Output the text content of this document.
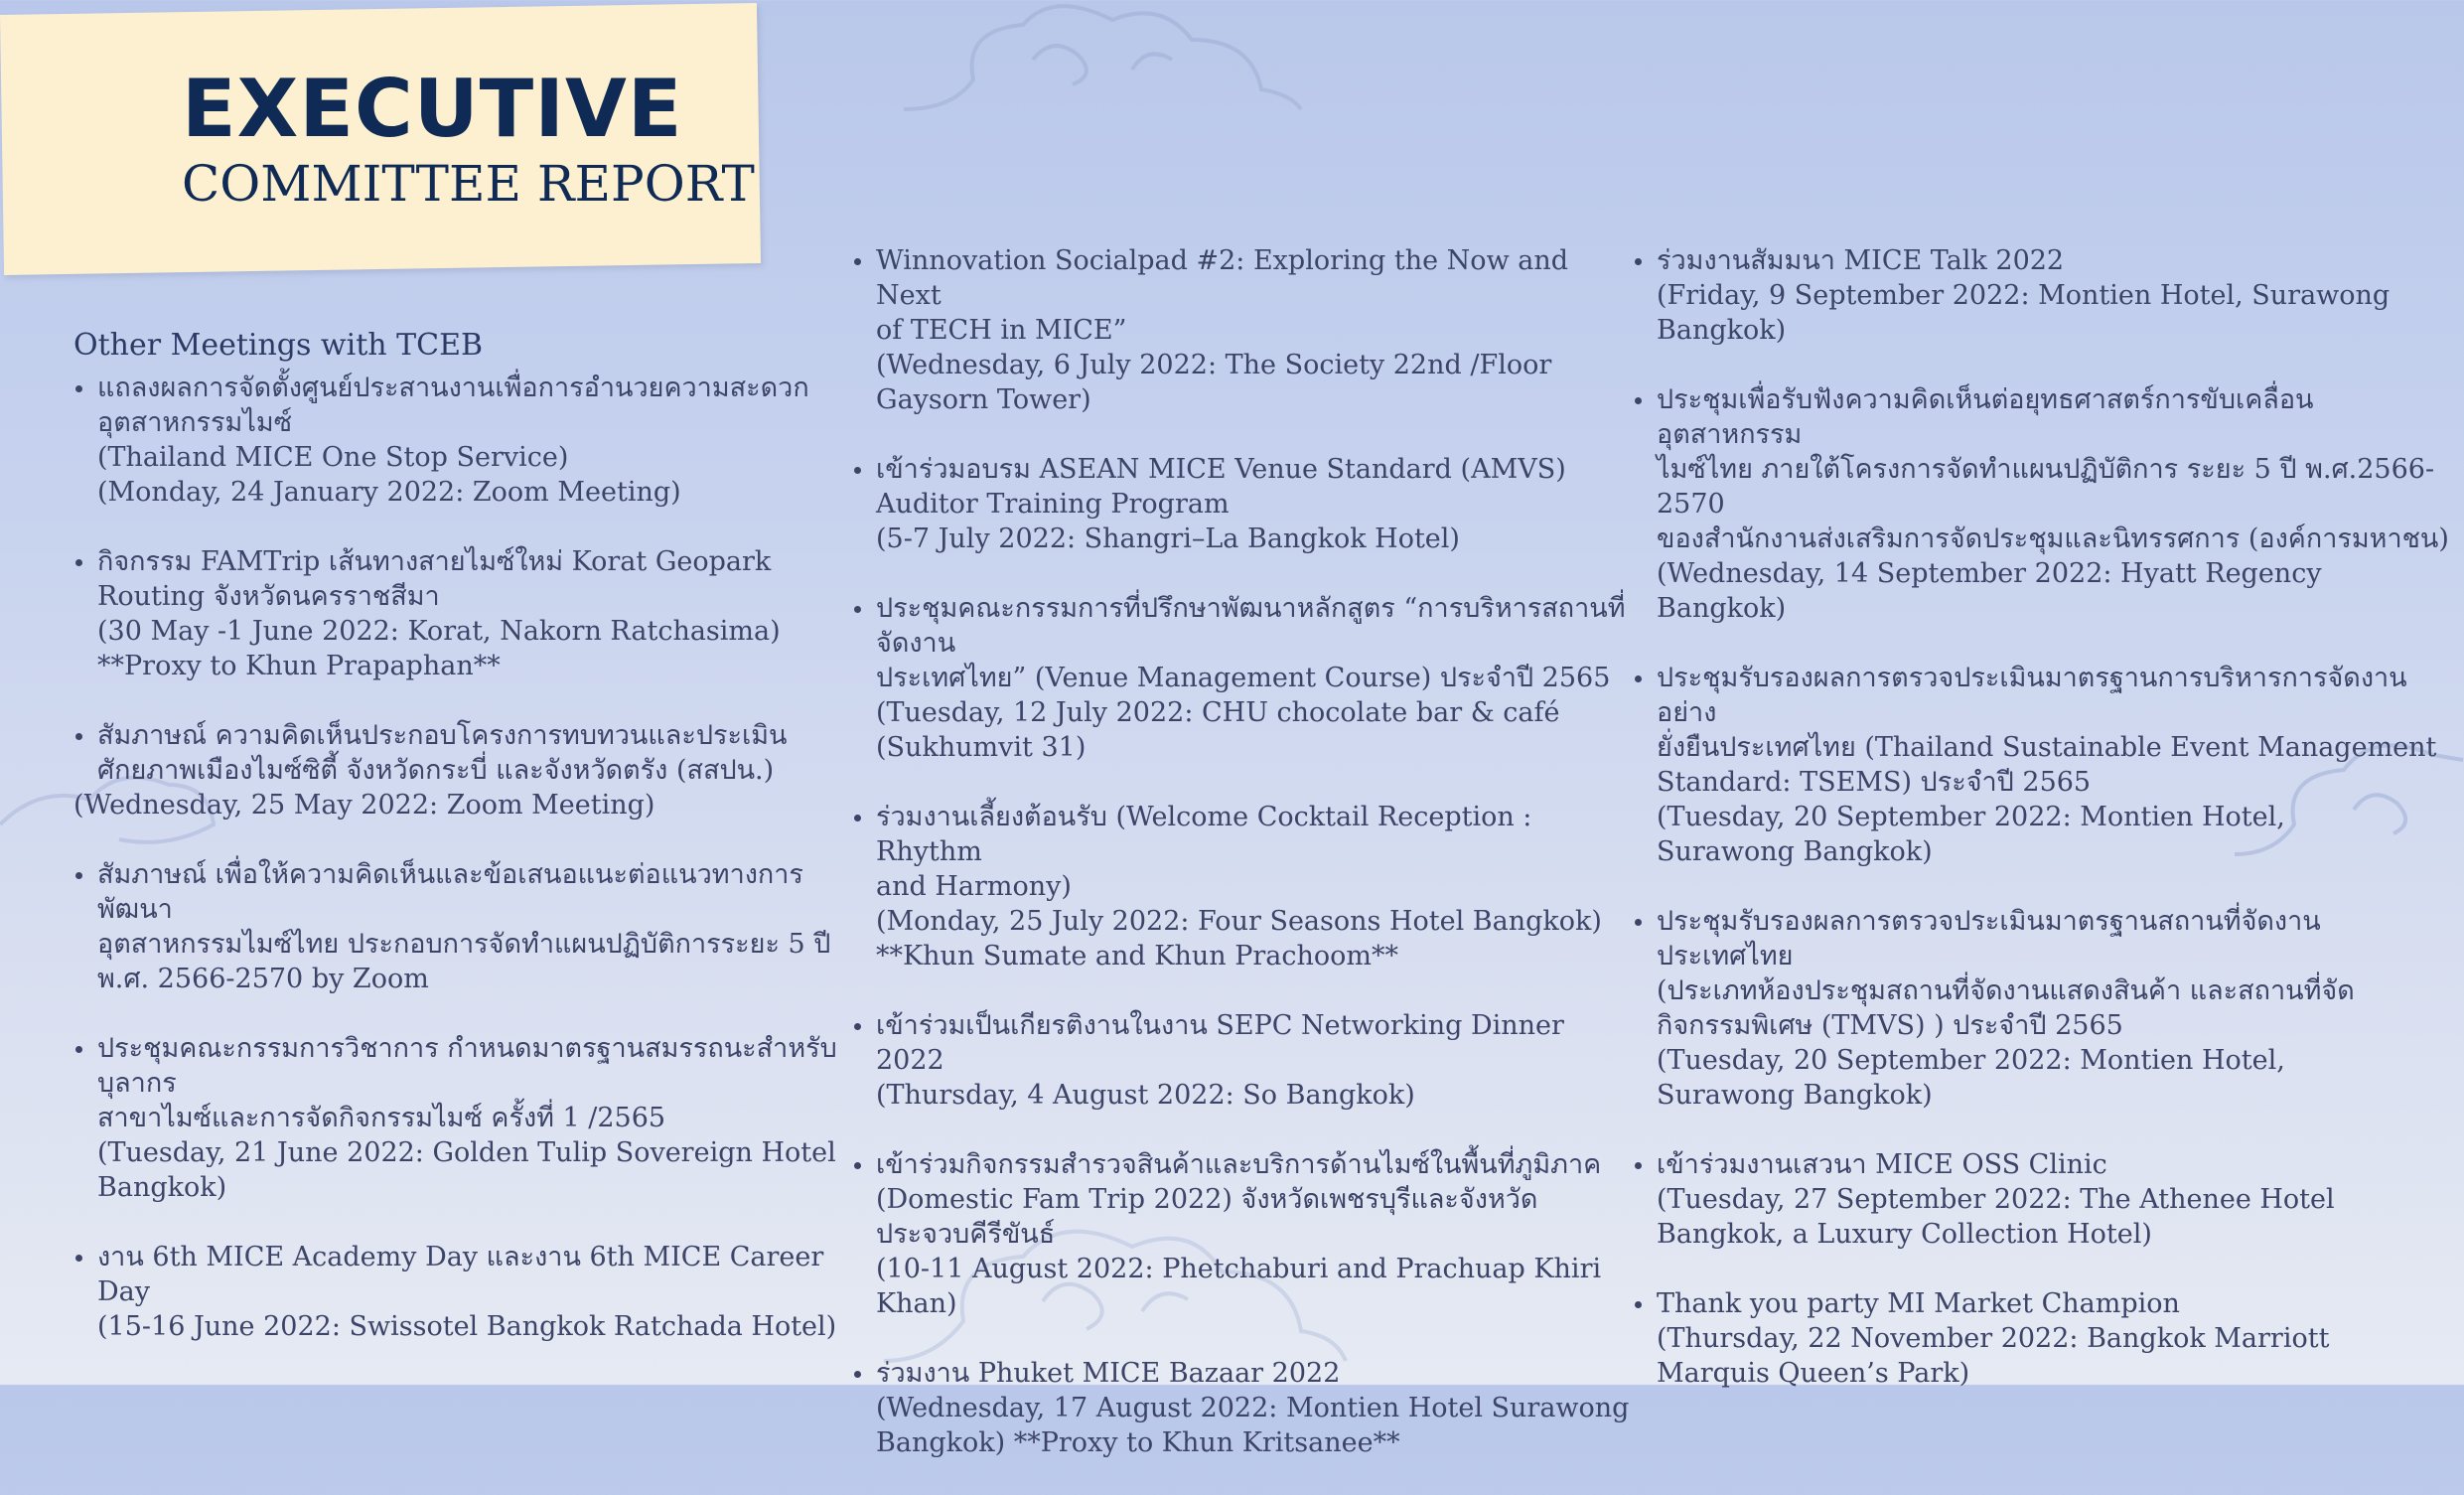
EXECUTIVE
COMMITTEE REPORT
Other Meetings with TCEB
แถลงผลการจัดตั้งศูนย์ประสานงานเพื่อการอำนวยความสะดวก
อุตสาหกรรมไมซ์
(Thailand MICE One Stop Service)
(Monday, 24 January 2022: Zoom Meeting)
กิจกรรม FAMTrip เส้นทางสายไมซ์ใหม่ Korat Geopark
Routing จังหวัดนครราชสีมา
(30 May -1 June 2022: Korat, Nakorn Ratchasima)
**Proxy to Khun Prapaphan**
สัมภาษณ์ ความคิดเห็นประกอบโครงการทบทวนและประเมิน
ศักยภาพเมืองไมซ์ซิตี้ จังหวัดกระบี่ และจังหวัดตรัง (สสปน.)
(Wednesday, 25 May 2022: Zoom Meeting)
สัมภาษณ์ เพื่อให้ความคิดเห็นและข้อเสนอแนะต่อแนวทางการพัฒนา
อุตสาหกรรมไมซ์ไทย ประกอบการจัดทำแผนปฏิบัติการระยะ 5 ปี
พ.ศ. 2566-2570 by Zoom
ประชุมคณะกรรมการวิชาการ กำหนดมาตรฐานสมรรถนะสำหรับบุลากร
สาขาไมซ์และการจัดกิจกรรมไมซ์ ครั้งที่ 1 /2565
(Tuesday, 21 June 2022: Golden Tulip Sovereign Hotel
Bangkok)
งาน 6th MICE Academy Day และงาน 6th MICE Career Day
(15-16 June 2022: Swissotel Bangkok Ratchada Hotel)
Winnovation Socialpad #2: Exploring the Now and Next
of TECH in MICE”
(Wednesday, 6 July 2022: The Society 22nd /Floor
Gaysorn Tower)
เข้าร่วมอบรม ASEAN MICE Venue Standard (AMVS)
Auditor Training Program
(5-7 July 2022: Shangri–La Bangkok Hotel)
ประชุมคณะกรรมการที่ปรึกษาพัฒนาหลักสูตร “การบริหารสถานที่จัดงาน
ประเทศไทย” (Venue Management Course) ประจำปี 2565
(Tuesday, 12 July 2022: CHU chocolate bar & café
(Sukhumvit 31)
ร่วมงานเลี้ยงต้อนรับ (Welcome Cocktail Reception : Rhythm
and Harmony)
(Monday, 25 July 2022: Four Seasons Hotel Bangkok)
**Khun Sumate and Khun Prachoom**
เข้าร่วมเป็นเกียรติงานในงาน SEPC Networking Dinner 2022
(Thursday, 4 August 2022: So Bangkok)
เข้าร่วมกิจกรรมสำรวจสินค้าและบริการด้านไมซ์ในพื้นที่ภูมิภาค
(Domestic Fam Trip 2022) จังหวัดเพชรบุรีและจังหวัดประจวบคีรีขันธ์
(10-11 August 2022: Phetchaburi and Prachuap Khiri Khan)
ร่วมงาน Phuket MICE Bazaar 2022
(Wednesday, 17 August 2022: Montien Hotel Surawong
Bangkok) **Proxy to Khun Kritsanee**
ร่วมงานสัมมนา MICE Talk 2022
(Friday, 9 September 2022: Montien Hotel, Surawong
Bangkok)
ประชุมเพื่อรับฟังความคิดเห็นต่อยุทธศาสตร์การขับเคลื่อนอุตสาหกรรม
ไมซ์ไทย ภายใต้โครงการจัดทำแผนปฏิบัติการ ระยะ 5 ปี พ.ศ.2566-2570
ของสำนักงานส่งเสริมการจัดประชุมและนิทรรศการ (องค์การมหาชน)
(Wednesday, 14 September 2022: Hyatt Regency Bangkok)
ประชุมรับรองผลการตรวจประเมินมาตรฐานการบริหารการจัดงานอย่าง
ยั่งยืนประเทศไทย (Thailand Sustainable Event Management
Standard: TSEMS) ประจำปี 2565
(Tuesday, 20 September 2022: Montien Hotel,
Surawong Bangkok)
ประชุมรับรองผลการตรวจประเมินมาตรฐานสถานที่จัดงานประเทศไทย
(ประเภทห้องประชุมสถานที่จัดงานแสดงสินค้า และสถานที่จัด
กิจกรรมพิเศษ (TMVS) ) ประจำปี 2565
(Tuesday, 20 September 2022: Montien Hotel,
Surawong Bangkok)
เข้าร่วมงานเสวนา MICE OSS Clinic
(Tuesday, 27 September 2022: The Athenee Hotel
Bangkok, a Luxury Collection Hotel)
Thank you party MI Market Champion
(Thursday, 22 November 2022: Bangkok Marriott
Marquis Queen’s Park)
